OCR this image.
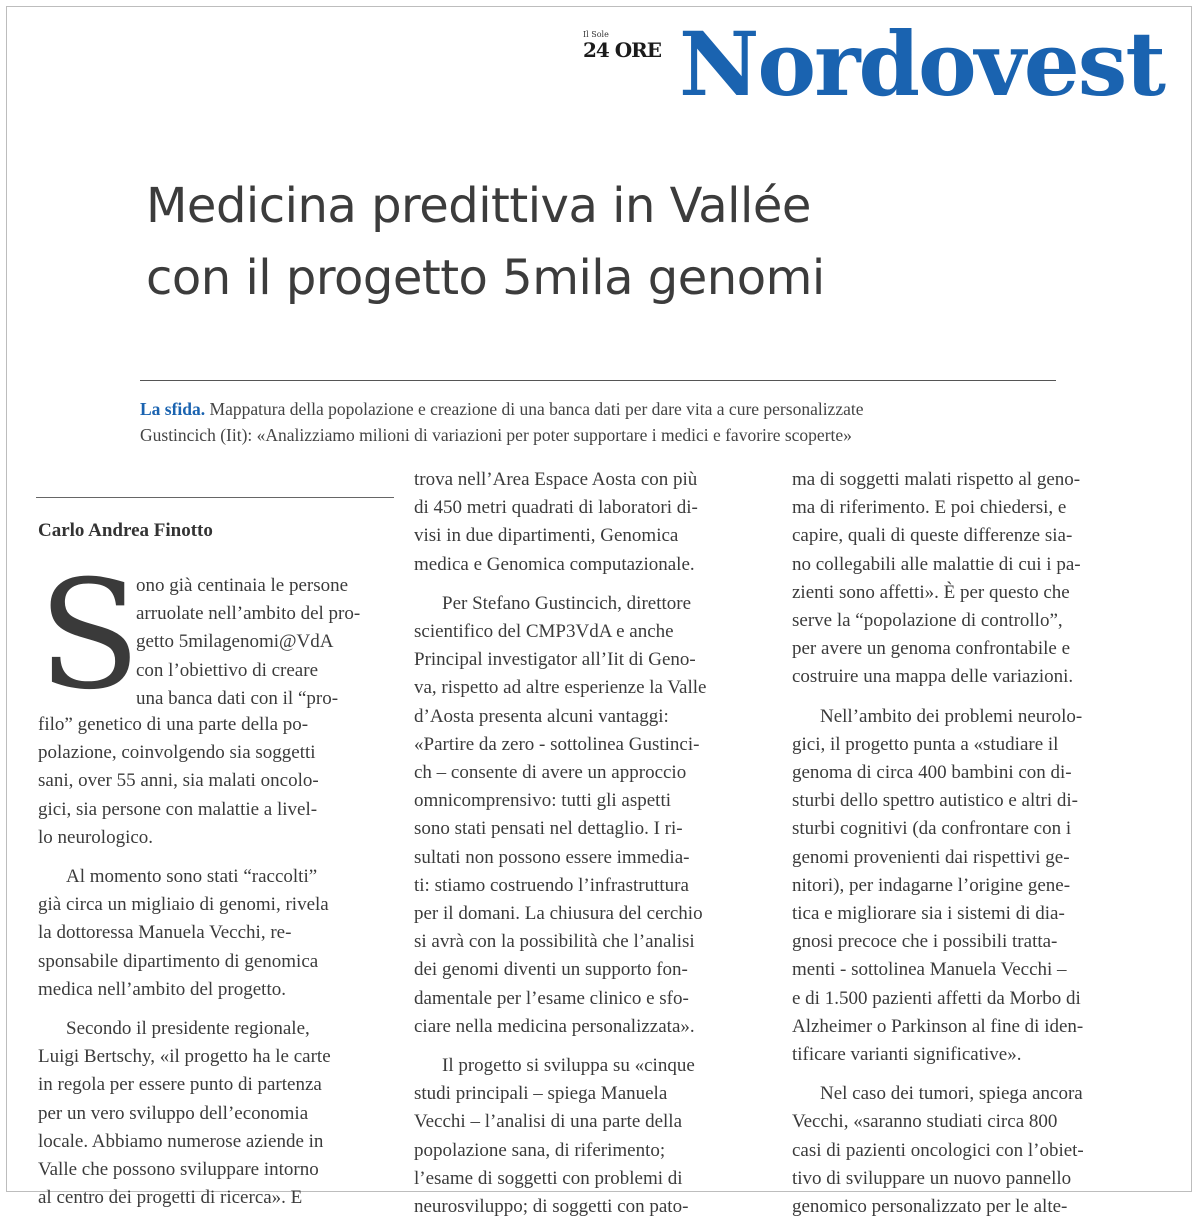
Il Sole
24 ORE Nordovest
Medicina predittiva in Vallée
con il progetto 5mila genomi
La sfida. Mappatura della popolazione e creazione di una banca dati per dare vita a cure personalizzate
Gustincich (Iit): «Analizziamo milioni di variazioni per poter supportare i medici e favorire scoperte»
Carlo Andrea Finotto
S
ono già centinaia le persone
arruolate nell’ambito del pro-
getto 5milagenomi@VdA
con l’obiettivo di creare
una banca dati con il “pro-

filo” genetico di una parte della po-
polazione, coinvolgendo sia soggetti
sani, over 55 anni, sia malati oncolo-
gici, sia persone con malattie a livel-
lo neurologico.

Al momento sono stati “raccolti”
già circa un migliaio di genomi, rivela
la dottoressa Manuela Vecchi, re-
sponsabile dipartimento di genomica
medica nell’ambito del progetto.

Secondo il presidente regionale,
Luigi Bertschy, «il progetto ha le carte
in regola per essere punto di partenza
per un vero sviluppo dell’economia
locale. Abbiamo numerose aziende in
Valle che possono sviluppare intorno
al centro dei progetti di ricerca». E

trova nell’Area Espace Aosta con più
di 450 metri quadrati di laboratori di-
visi in due dipartimenti, Genomica
medica e Genomica computazionale.

Per Stefano Gustincich, direttore
scientifico del CMP3VdA e anche
Principal investigator all’Iit di Geno-
va, rispetto ad altre esperienze la Valle
d’Aosta presenta alcuni vantaggi:
«Partire da zero - sottolinea Gustinci-
ch – consente di avere un approccio
omnicomprensivo: tutti gli aspetti
sono stati pensati nel dettaglio. I ri-
sultati non possono essere immedia-
ti: stiamo costruendo l’infrastruttura
per il domani. La chiusura del cerchio
si avrà con la possibilità che l’analisi
dei genomi diventi un supporto fon-
damentale per l’esame clinico e sfo-
ciare nella medicina personalizzata».

Il progetto si sviluppa su «cinque
studi principali – spiega Manuela
Vecchi – l’analisi di una parte della
popolazione sana, di riferimento;
l’esame di soggetti con problemi di
neurosviluppo; di soggetti con pato-

ma di soggetti malati rispetto al geno-
ma di riferimento. E poi chiedersi, e
capire, quali di queste differenze sia-
no collegabili alle malattie di cui i pa-
zienti sono affetti». È per questo che
serve la “popolazione di controllo”,
per avere un genoma confrontabile e
costruire una mappa delle variazioni.

Nell’ambito dei problemi neurolo-
gici, il progetto punta a «studiare il
genoma di circa 400 bambini con di-
sturbi dello spettro autistico e altri di-
sturbi cognitivi (da confrontare con i
genomi provenienti dai rispettivi ge-
nitori), per indagarne l’origine gene-
tica e migliorare sia i sistemi di dia-
gnosi precoce che i possibili tratta-
menti - sottolinea Manuela Vecchi –
e di 1.500 pazienti affetti da Morbo di
Alzheimer o Parkinson al fine di iden-
tificare varianti significative».

Nel caso dei tumori, spiega ancora
Vecchi, «saranno studiati circa 800
casi di pazienti oncologici con l’obiet-
tivo di sviluppare un nuovo pannello
genomico personalizzato per le alte-
